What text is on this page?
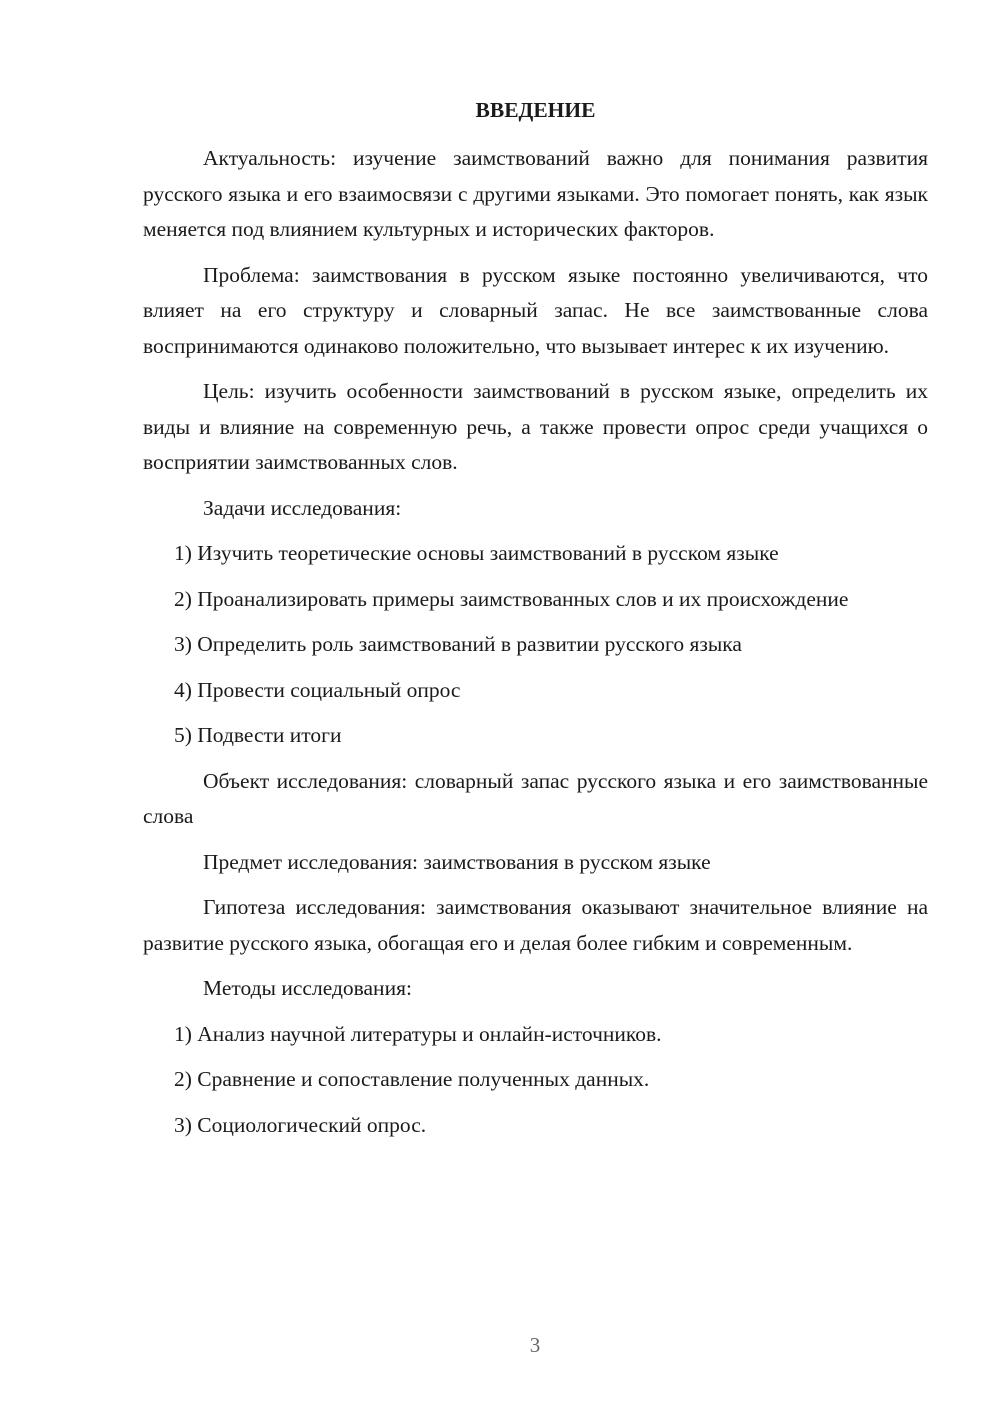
ВВЕДЕНИЕ

Актуальность: изучение заимствований важно для понимания развития русского языка и его взаимосвязи с другими языками. Это помогает понять, как язык меняется под влиянием культурных и исторических факторов.

Проблема: заимствования в русском языке постоянно увеличиваются, что влияет на его структуру и словарный запас. Не все заимствованные слова воспринимаются одинаково положительно, что вызывает интерес к их изучению.

Цель: изучить особенности заимствований в русском языке, определить их виды и влияние на современную речь, а также провести опрос среди учащихся о восприятии заимствованных слов.

Задачи исследования:

1) Изучить теоретические основы заимствований в русском языке

2) Проанализировать примеры заимствованных слов и их происхождение

3) Определить роль заимствований в развитии русского языка

4) Провести социальный опрос

5) Подвести итоги

Объект исследования: словарный запас русского языка и его заимствованные слова

Предмет исследования: заимствования в русском языке

Гипотеза исследования: заимствования оказывают значительное влияние на развитие русского языка, обогащая его и делая более гибким и современным.

Методы исследования:

1) Анализ научной литературы и онлайн-источников.

2) Сравнение и сопоставление полученных данных.

3) Социологический опрос.

3
